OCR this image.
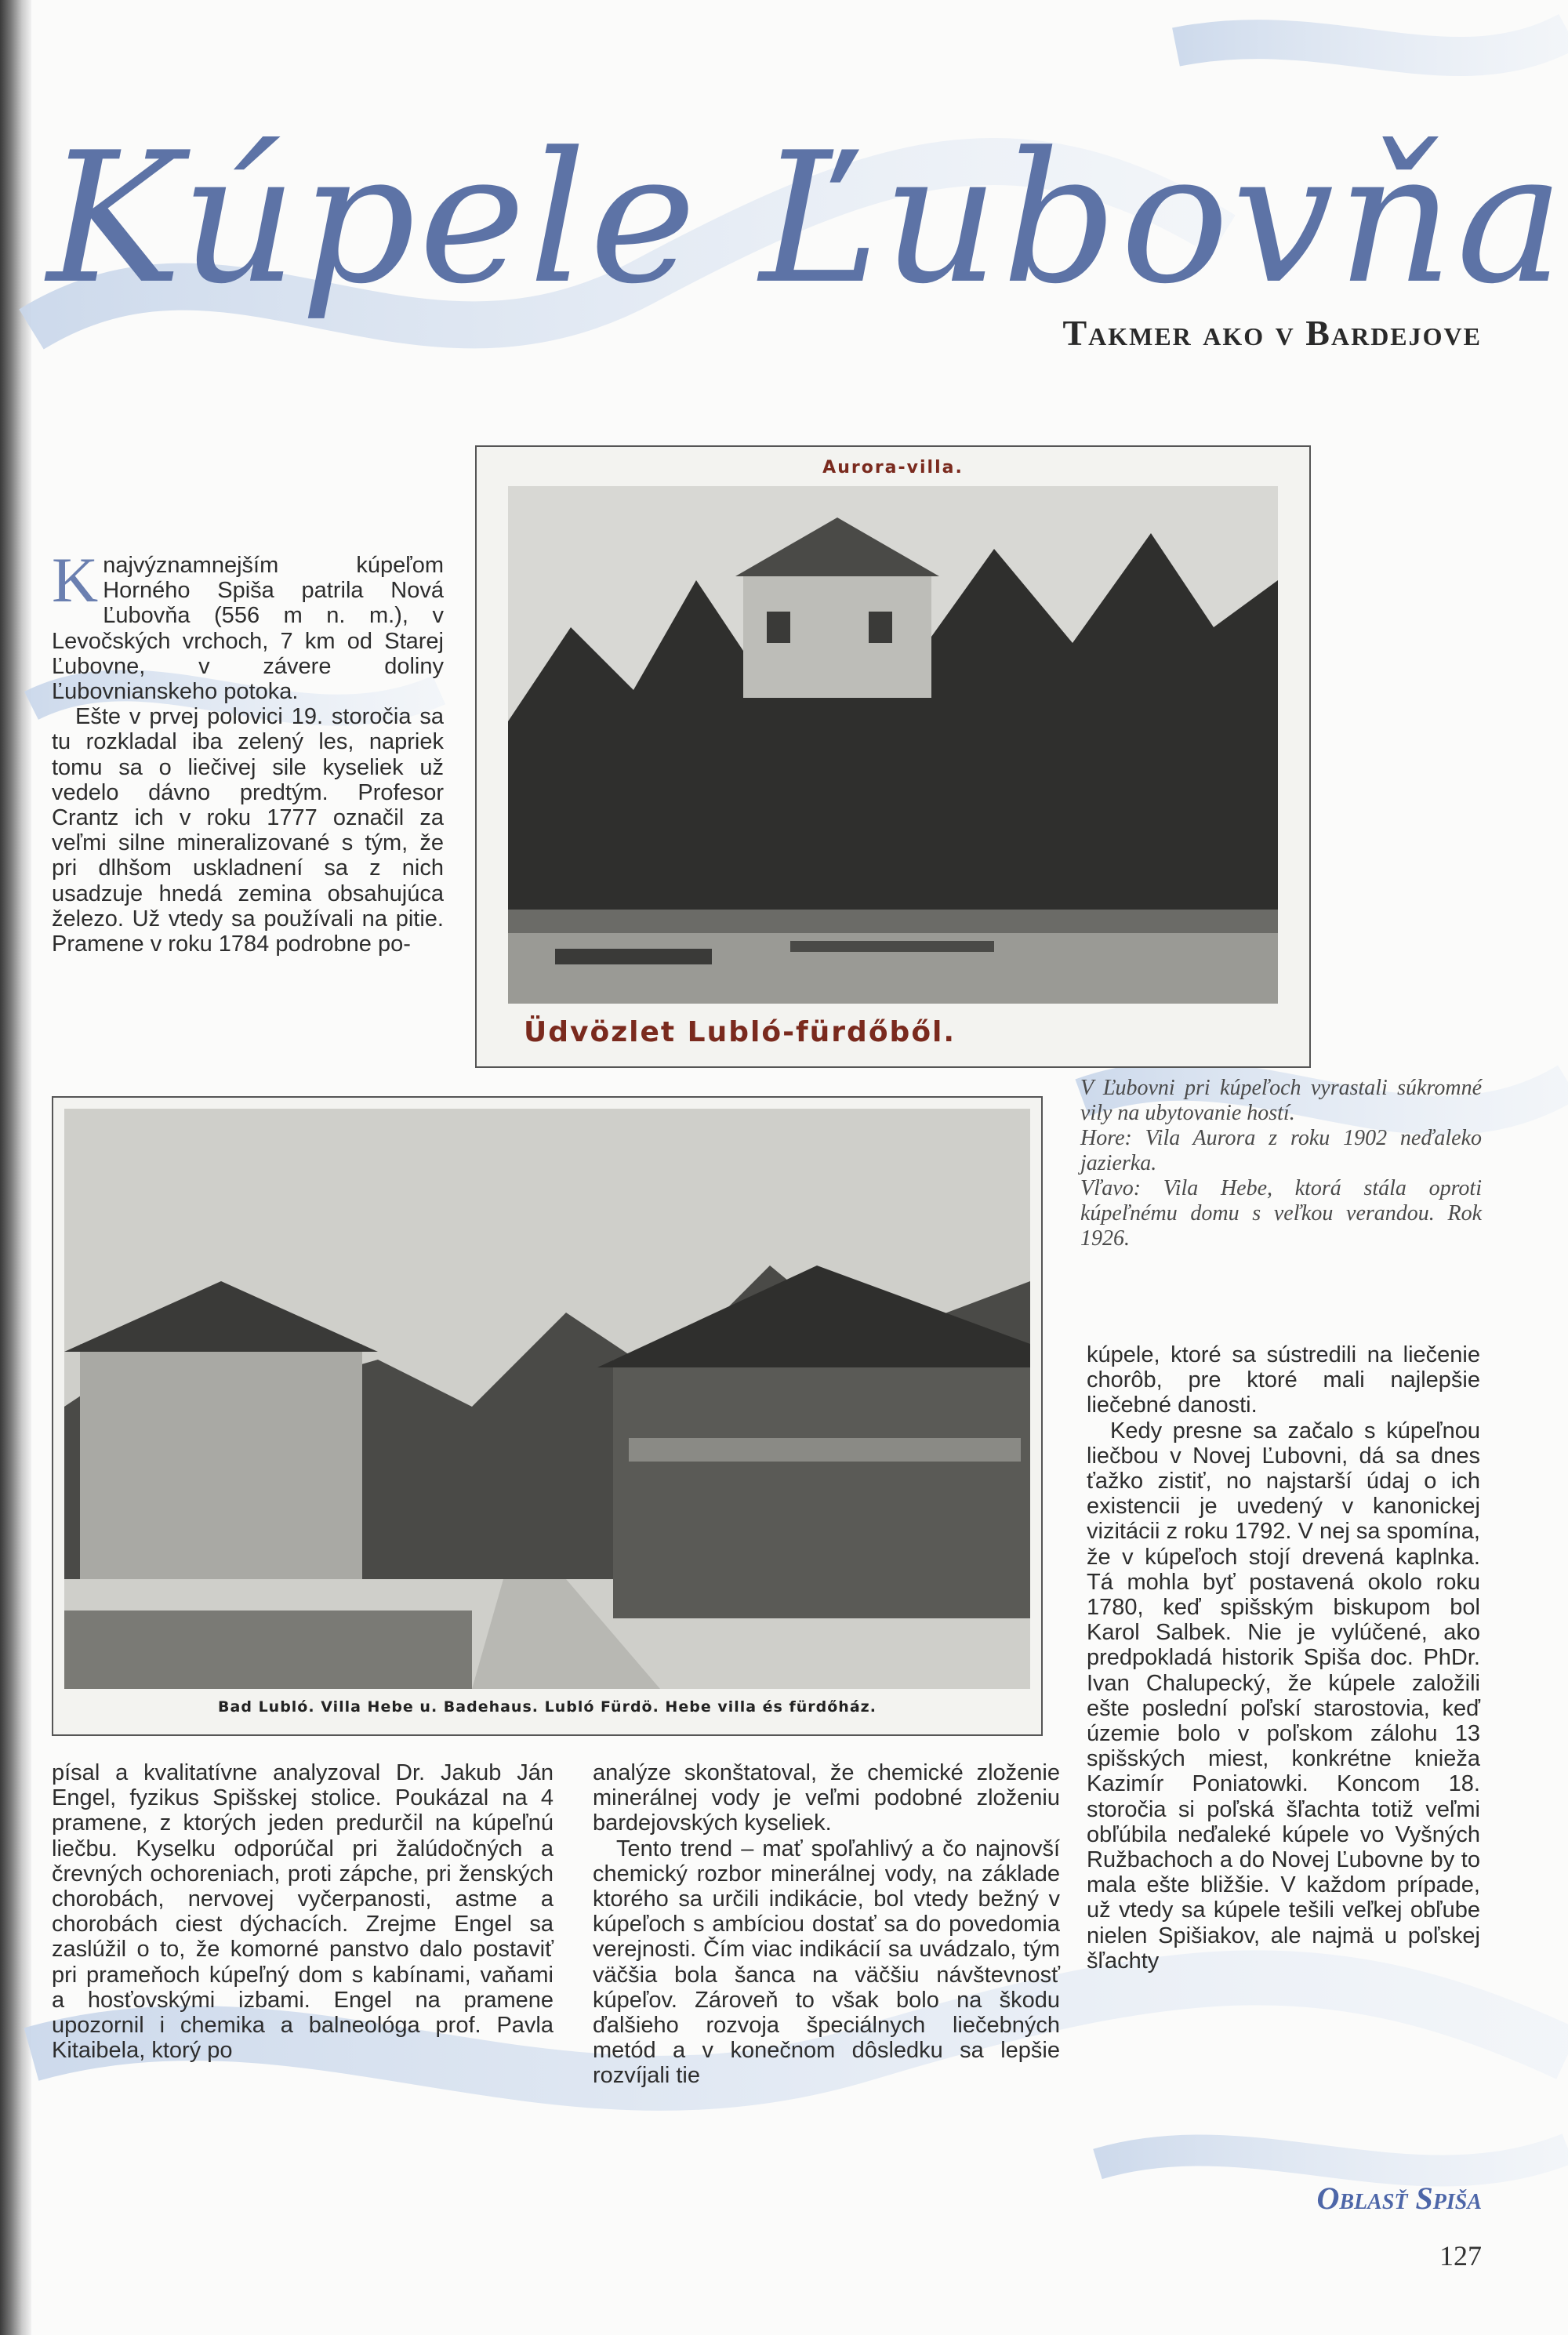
Kúpele Ľubovňa
Takmer ako v Bardejove

Knajvýznamnejším kúpeľom Horného Spiša patrila Nová Ľubovňa (556 m n. m.), v Levočských vrchoch, 7 km od Starej Ľubovne, v závere doliny Ľubovnianskeho potoka.

Ešte v prvej polovici 19. storočia sa tu rozkladal iba zelený les, napriek tomu sa o liečivej sile kyseliek už vedelo dávno predtým. Profesor Crantz ich v roku 1777 označil za veľmi silne mineralizované s tým, že pri dlhšom uskladnení sa z nich usadzuje hnedá zemina obsahujúca železo. Už vtedy sa používali na pitie. Pramene v roku 1784 podrobne po-

Aurora-villa.
Üdvözlet Lubló-fürdőből.

V Ľubovni pri kúpeľoch vyrastali súkromné vily na ubytovanie hostí.

Hore: Vila Aurora z roku 1902 neďaleko jazierka.

Vľavo: Vila Hebe, ktorá stála oproti kúpeľnému domu s veľkou verandou. Rok 1926.

Bad Lubló. Villa Hebe u. Badehaus. Lubló Fürdö. Hebe villa és fürdőház.

kúpele, ktoré sa sústredili na liečenie chorôb, pre ktoré mali najlepšie liečebné danosti.

Kedy presne sa začalo s kúpeľnou liečbou v Novej Ľubovni, dá sa dnes ťažko zistiť, no najstarší údaj o ich existencii je uvedený v kanonickej vizitácii z roku 1792. V nej sa spomína, že v kúpeľoch stojí drevená kaplnka. Tá mohla byť postavená okolo roku 1780, keď spišským biskupom bol Karol Salbek. Nie je vylúčené, ako predpokladá historik Spiša doc. PhDr. Ivan Chalupecký, že kúpele založili ešte poslední poľskí starostovia, keď územie bolo v poľskom zálohu 13 spišských miest, konkrétne knieža Kazimír Poniatowki. Koncom 18. storočia si poľská šľachta totiž veľmi obľúbila neďaleké kúpele vo Vyšných Ružbachoch a do Novej Ľubovne by to mala ešte bližšie. V každom prípade, už vtedy sa kúpele tešili veľkej obľube nielen Spišiakov, ale najmä u poľskej šľachty

písal a kvalitatívne analyzoval Dr. Jakub Ján Engel, fyzikus Spišskej stolice. Poukázal na 4 pramene, z ktorých jeden predurčil na kúpeľnú liečbu. Kyselku odporúčal pri žalúdočných a črevných ochoreniach, proti zápche, pri ženských chorobách, nervovej vyčerpanosti, astme a chorobách ciest dýchacích. Zrejme Engel sa zaslúžil o to, že komorné panstvo dalo postaviť pri prameňoch kúpeľný dom s kabínami, vaňami a hosťovskými izbami. Engel na pramene upozornil i chemika a balneológa prof. Pavla Kitaibela, ktorý po

analýze skonštatoval, že chemické zloženie minerálnej vody je veľmi podobné zloženiu bardejovských kyseliek.

Tento trend – mať spoľahlivý a čo najnovší chemický rozbor minerálnej vody, na základe ktorého sa určili indikácie, bol vtedy bežný v kúpeľoch s ambíciou dostať sa do povedomia verejnosti. Čím viac indikácií sa uvádzalo, tým väčšia bola šanca na väčšiu návštevnosť kúpeľov. Zároveň to však bolo na škodu ďalšieho rozvoja špeciálnych liečebných metód a v konečnom dôsledku sa lepšie rozvíjali tie

Oblasť Spiša
127
